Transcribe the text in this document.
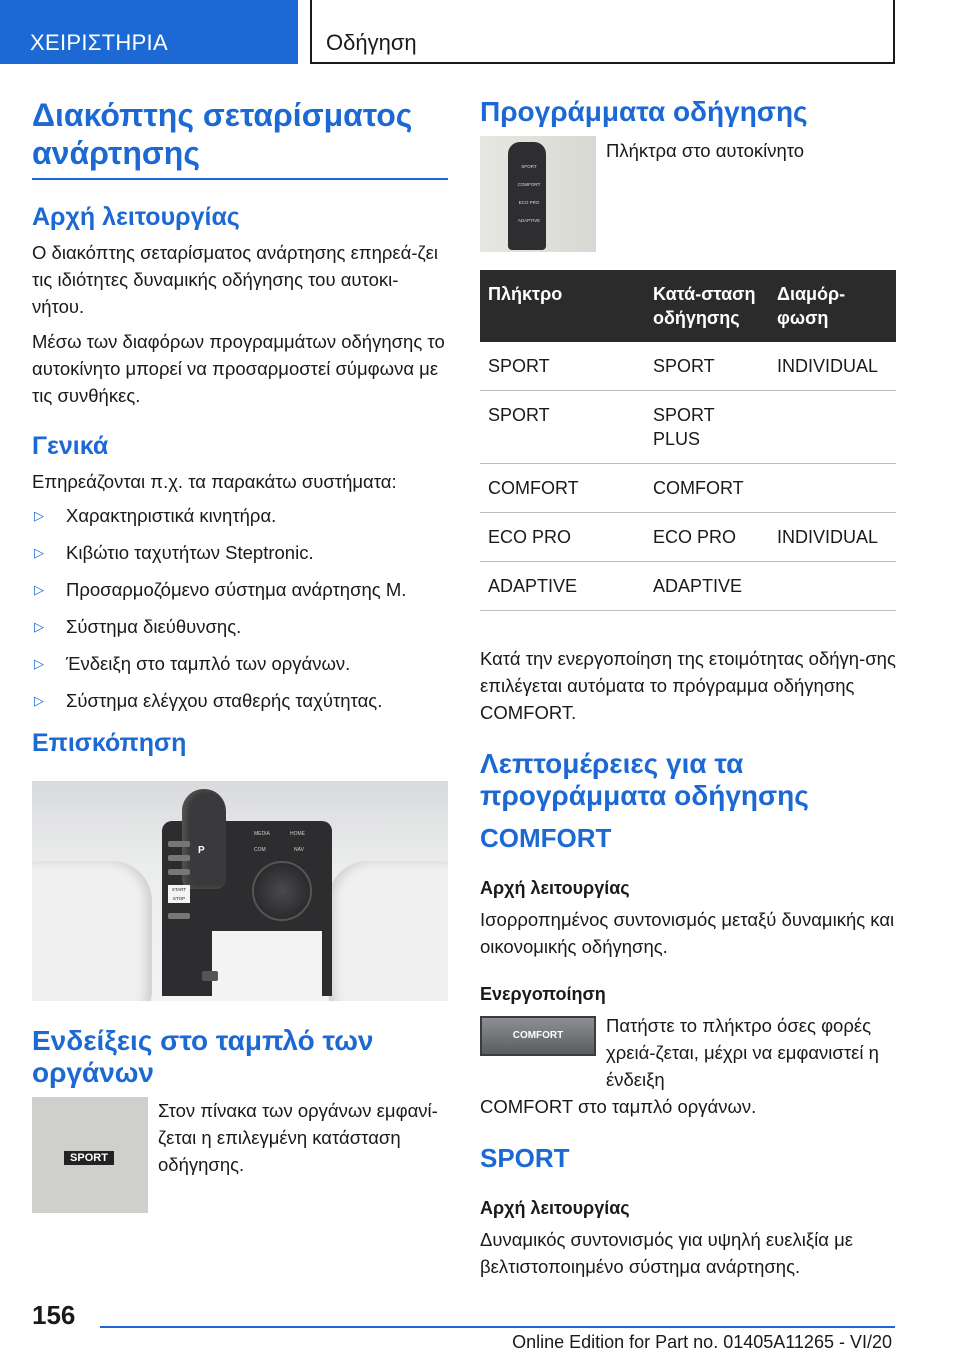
ΧΕΙΡΙΣΤΗΡΙΑ	Οδήγηση
Διακόπτης σεταρίσματος ανάρτησης
Αρχή λειτουργίας

Ο διακόπτης σεταρίσματος ανάρτησης επηρεά-ζει τις ιδιότητες δυναμικής οδήγησης του αυτοκι-νήτου.

Μέσω των διαφόρων προγραμμάτων οδήγησης το αυτοκίνητο μπορεί να προσαρμοστεί σύμφωνα με τις συνθήκες.

Γενικά

Επηρεάζονται π.χ. τα παρακάτω συστήματα:

▷ Χαρακτηριστικά κινητήρα.
▷ Κιβώτιο ταχυτήτων Steptronic.
▷ Προσαρμοζόμενο σύστημα ανάρτησης M.
▷ Σύστημα διεύθυνσης.
▷ Ένδειξη στο ταμπλό των οργάνων.
▷ Σύστημα ελέγχου σταθερής ταχύτητας.
Επισκόπηση
P
MEDIA	HOME
COM	NAV
START STOP
Ενδείξεις στο ταμπλό των οργάνων
SPORT

Στον πίνακα των οργάνων εμφανί-ζεται η επιλεγμένη κατάσταση οδήγησης.

Προγράμματα οδήγησης
SPORT
COMFORT
ECO PRO
ADAPTIVE
Πλήκτρα στο αυτοκίνητο
Πλήκτρο	Κατά-σταση οδήγησης	Διαμόρ-φωση
SPORT	SPORT	INDIVIDUAL
SPORT	SPORT PLUS	
COMFORT	COMFORT	
ECO PRO	ECO PRO	INDIVIDUAL
ADAPTIVE	ADAPTIVE	

Κατά την ενεργοποίηση της ετοιμότητας οδήγη-σης επιλέγεται αυτόματα το πρόγραμμα οδήγησης COMFORT.

Λεπτομέρειες για τα προγράμματα οδήγησης
COMFORT
Αρχή λειτουργίας

Ισορροπημένος συντονισμός μεταξύ δυναμικής και οικονομικής οδήγησης.

Ενεργοποίηση
COMFORT	Πατήστε το πλήκτρο όσες φορές χρειά-ζεται, μέχρι να εμφανιστεί η ένδειξη

COMFORT στο ταμπλό οργάνων.

SPORT
Αρχή λειτουργίας

Δυναμικός συντονισμός για υψηλή ευελιξία με βελτιστοποιημένο σύστημα ανάρτησης.

156
Online Edition for Part no. 01405A11265 - VI/20
